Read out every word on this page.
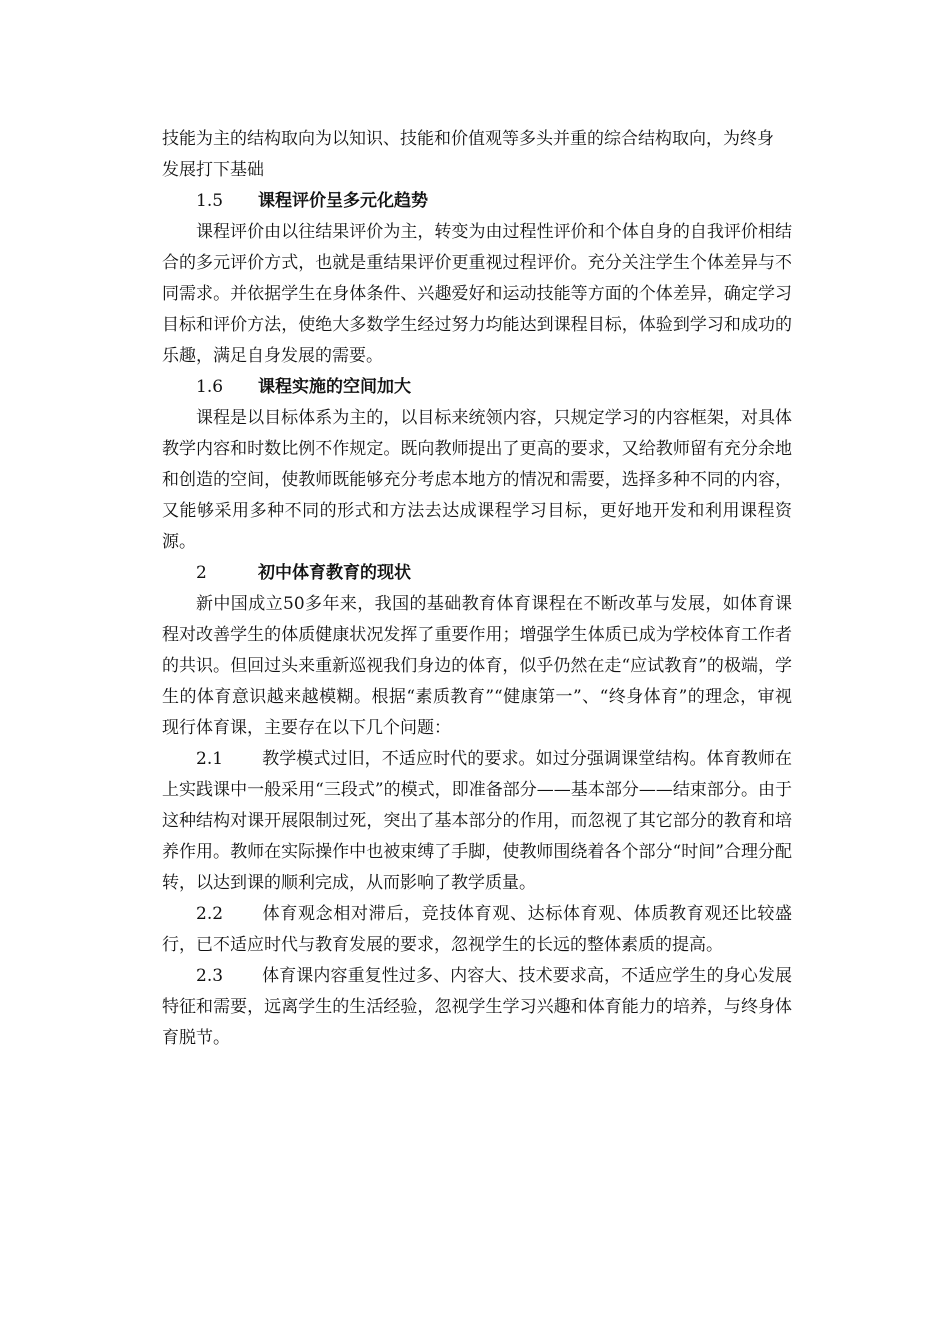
技能为主的结构取向为以知识、技能和价值观等多头并重的综合结构取向，为终身

发展打下基础

1.5 课程评价呈多元化趋势

课程评价由以往结果评价为主，转变为由过程性评价和个体自身的自我评价相结合的多元评价方式，也就是重结果评价更重视过程评价。充分关注学生个体差异与不同需求。并依据学生在身体条件、兴趣爱好和运动技能等方面的个体差异，确定学习目标和评价方法，使绝大多数学生经过努力均能达到课程目标，体验到学习和成功的乐趣，满足自身发展的需要。

1.6 课程实施的空间加大

课程是以目标体系为主的，以目标来统领内容，只规定学习的内容框架，对具体教学内容和时数比例不作规定。既向教师提出了更高的要求，又给教师留有充分余地和创造的空间，使教师既能够充分考虑本地方的情况和需要，选择多种不同的内容，又能够采用多种不同的形式和方法去达成课程学习目标，更好地开发和利用课程资源。

2	初中体育教育的现状

新中国成立50多年来，我国的基础教育体育课程在不断改革与发展，如体育课程对改善学生的体质健康状况发挥了重要作用；增强学生体质已成为学校体育工作者的共识。但回过头来重新巡视我们身边的体育，似乎仍然在走“应试教育”的极端，学生的体育意识越来越模糊。根据“素质教育”“健康第一”、“终身体育”的理念，审视现行体育课，主要存在以下几个问题：

2.1 教学模式过旧，不适应时代的要求。如过分强调课堂结构。体育教师在上实践课中一般采用“三段式”的模式，即准备部分——基本部分——结束部分。由于这种结构对课开展限制过死，突出了基本部分的作用，而忽视了其它部分的教育和培养作用。教师在实际操作中也被束缚了手脚，使教师围绕着各个部分“时间”合理分配转，以达到课的顺利完成，从而影响了教学质量。

2.2 体育观念相对滞后，竞技体育观、达标体育观、体质教育观还比较盛行，已不适应时代与教育发展的要求，忽视学生的长远的整体素质的提高。

2.3 体育课内容重复性过多、内容大、技术要求高，不适应学生的身心发展特征和需要，远离学生的生活经验，忽视学生学习兴趣和体育能力的培养，与终身体育脱节。
